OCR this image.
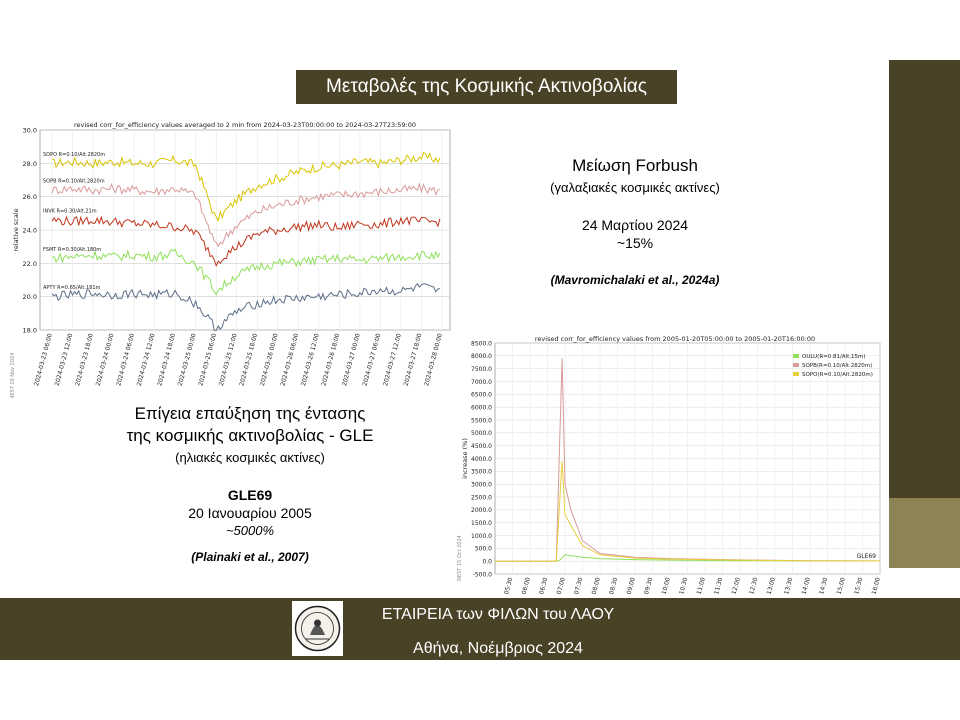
Μεταβολές της Κοσμικής Ακτινοβολίας
revised corr_for_efficiency values averaged to 2 min from 2024-03-23T00:00:00 to 2024-03-27T23:59:00
30.0
28.0
26.0
24.0
22.0
20.0
18.0
2024-03-23 06:00 2024-03-23 12:00 2024-03-23 18:00 2024-03-24 00:00 2024-03-24 06:00 2024-03-24 12:00 2024-03-24 18:00 2024-03-25 00:00 2024-03-25 06:00 2024-03-25 12:00 2024-03-25 18:00 2024-03-26 00:00 2024-03-26 06:00 2024-03-26 12:00 2024-03-26 18:00 2024-03-27 00:00 2024-03-27 06:00 2024-03-27 12:00 2024-03-27 18:00 2024-03-28 00:00
relative scale
NEST 10 Nov 2024
SOPO R=0.10/Alt.2820m
SOPB R=0.10/Alt.2820m
INVK R=0.30/Alt.21m
FSMT R=0.30/Alt.180m
APTY R=0.65/Alt.181m
revised corr_for_efficiency values from 2005-01-20T05:00:00 to 2005-01-20T16:00:00
8500.0
8000.0
7500.0
7000.0
6500.0
6000.0
5500.0
5000.0
4500.0
4000.0
3500.0
3000.0
2500.0
2000.0
1500.0
1000.0
500.0
0.0
-500.0
05:30 06:00 06:30 07:00 07:30 08:00 08:30 09:00 09:30 10:00 10:30 11:00 11:30 12:00 12:30 13:00 13:30 14:00 14:30 15:00 15:30 16:00
increase (%)
NEST 15 Oct 2024
OULU(R=0.81/Alt.15m)
SOPB(R=0.10/Alt.2820m)
SOPO(R=0.10/Alt.2820m)
GLE69
Μείωση Forbush
(γαλαξιακές κοσμικές ακτίνες)
24 Μαρτίου 2024
~15%
(Mavromichalaki et al., 2024a)
Επίγεια επαύξηση της έντασης
της κοσμικής ακτινοβολίας - GLE
(ηλιακές κοσμικές ακτίνες)
GLE69
20 Ιανουαρίου 2005
~5000%
(Plainaki et al., 2007)
ΕΤΑΙΡΕΙΑ των ΦΙΛΩΝ του ΛΑΟΥ
Αθήνα, Νοέμβριος 2024
